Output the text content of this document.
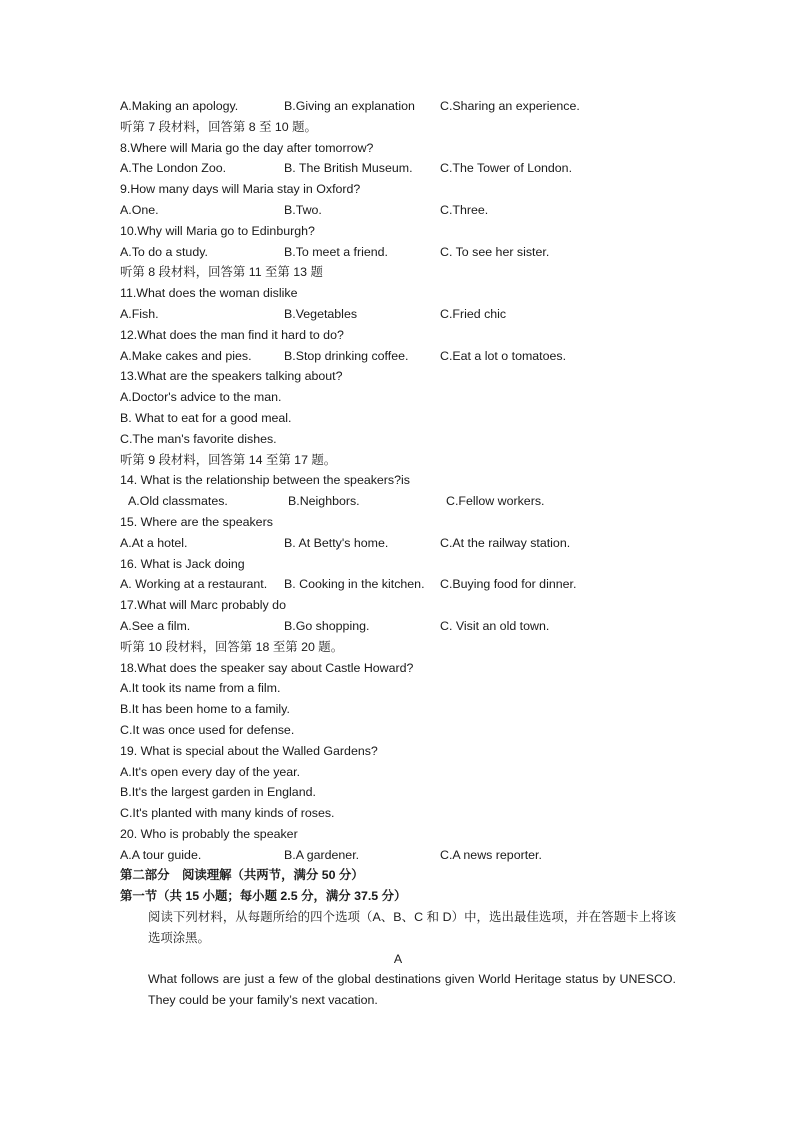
A.Making an apology.	B.Giving an explanation C.Sharing an experience.
听第 7 段材料，回答第 8 至 10 题。
8.Where will Maria go the day after tomorrow?
A.The London Zoo.	B. The British Museum. C.The Tower of London.
9.How many days will Maria stay in Oxford?
A.One.	B.Two.	C.Three.
10.Why will Maria go to Edinburgh?
A.To do a study.	B.To meet a friend.	C. To see her sister.
听第 8 段材料，回答第 11 至第 13 题
11.What does the woman dislike
A.Fish.	B.Vegetables	C.Fried chic
12.What does the man find it hard to do?
A.Make cakes and pies.	B.Stop drinking coffee.	C.Eat a lot o tomatoes.
13.What are the speakers talking about?
A.Doctor's advice to the man.
B. What to eat for a good meal.
C.The man's favorite dishes.
听第 9 段材料，回答第 14 至第 17 题。
14. What is the relationship between the speakers?is
A.Old classmates.	B.Neighbors.	C.Fellow workers.
15. Where are the speakers
A.At a hotel.	B. At Betty's home.	C.At the railway station.
16. What is Jack doing
A. Working at a restaurant. B. Cooking in the kitchen. C.Buying food for dinner.
17.What will Marc probably do
A.See a film.	B.Go shopping.	C. Visit an old town.
听第 10 段材料，回答第 18 至第 20 题。
18.What does the speaker say about Castle Howard?
A.It took its name from a film.
B.It has been home to a family.
C.It was once used for defense.
19. What is special about the Walled Gardens?
A.It's open every day of the year.
B.It's the largest garden in England.
C.It's planted with many kinds of roses.
20. Who is probably the speaker
A.A tour guide.	B.A gardener.	C.A news reporter.
第二部分　阅读理解（共两节，满分 50 分）
第一节（共 15 小题；每小题 2.5 分，满分 37.5 分）
阅读下列材料，从每题所给的四个选项（A、B、C 和 D）中，选出最佳选项，并在答题卡上将该选项涂黑。
A
What follows are just a few of the global destinations given World Heritage status by UNESCO. They could be your family’s next vacation.
